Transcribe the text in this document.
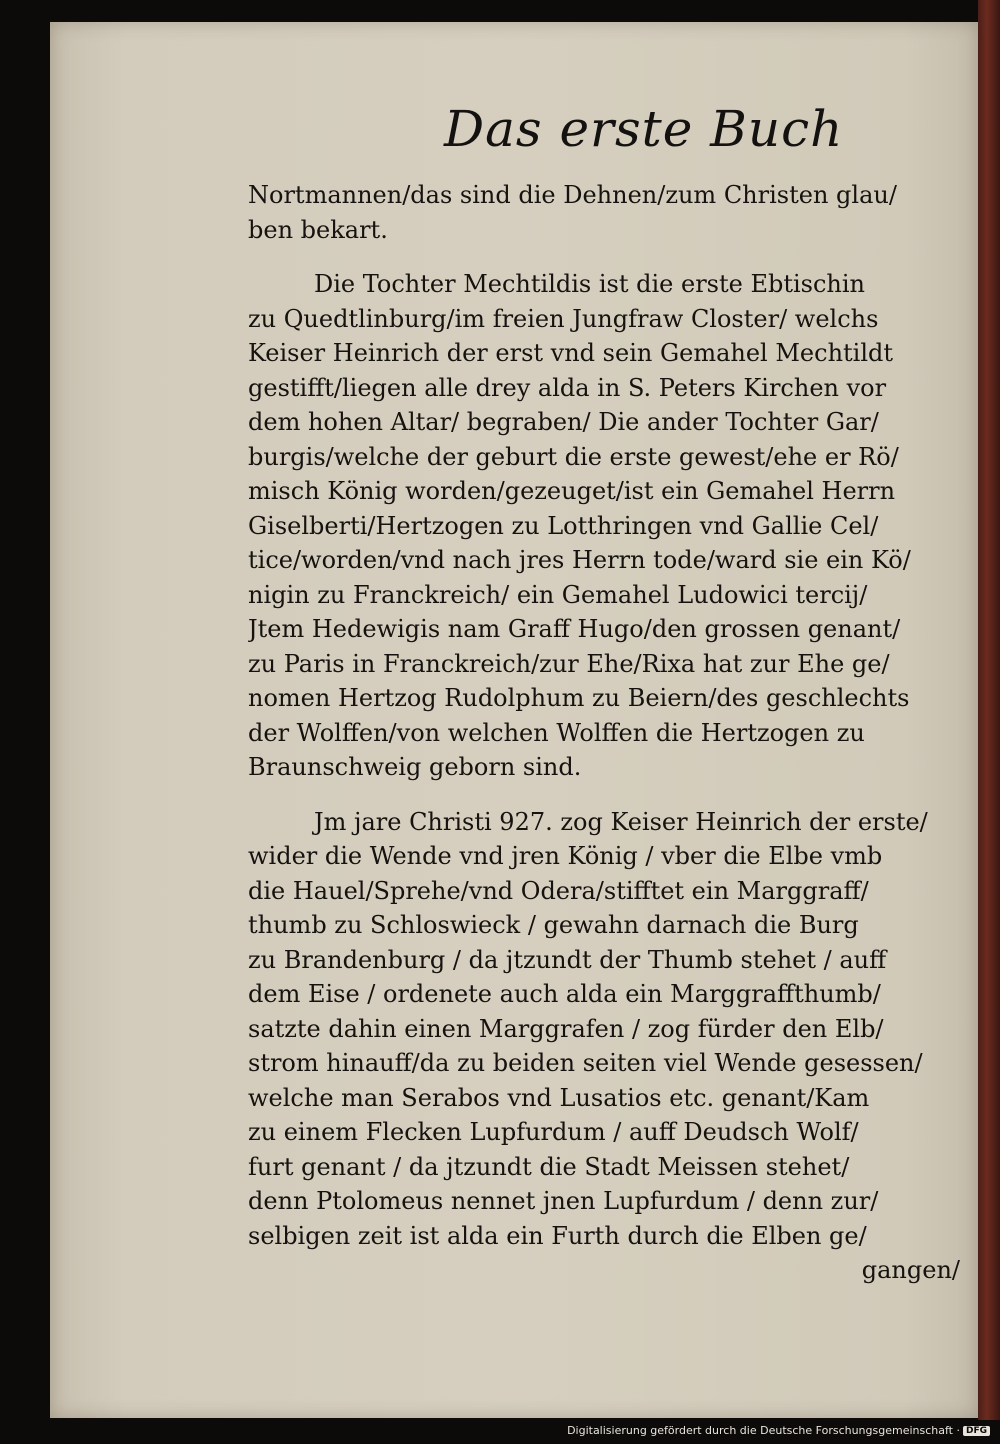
Das erste Buch
Nortmannen/das sind die Dehnen/zum Christen glau/
ben bekart.
Die Tochter Mechtildis ist die erste Ebtischin
zu Quedtlinburg/im freien Jungfraw Closter/ welchs
Keiser Heinrich der erst vnd sein Gemahel Mechtildt
gestifft/liegen alle drey alda in S. Peters Kirchen vor
dem hohen Altar/ begraben/ Die ander Tochter Gar/
burgis/welche der geburt die erste gewest/ehe er Rö/
misch König worden/gezeuget/ist ein Gemahel Herrn
Giselberti/Hertzogen zu Lotthringen vnd Gallie Cel/
tice/worden/vnd nach jres Herrn tode/ward sie ein Kö/
nigin zu Franckreich/ ein Gemahel Ludowici tercij/
Jtem Hedewigis nam Graff Hugo/den grossen genant/
zu Paris in Franckreich/zur Ehe/Rixa hat zur Ehe ge/
nomen Hertzog Rudolphum zu Beiern/des geschlechts
der Wolffen/von welchen Wolffen die Hertzogen zu
Braunschweig geborn sind.
Jm jare Christi 927. zog Keiser Heinrich der erste/
wider die Wende vnd jren König / vber die Elbe vmb
die Hauel/Sprehe/vnd Odera/stifftet ein Marggraff/
thumb zu Schloswieck / gewahn darnach die Burg
zu Brandenburg / da jtzundt der Thumb stehet / auff
dem Eise / ordenete auch alda ein Marggraffthumb/
satzte dahin einen Marggrafen / zog fürder den Elb/
strom hinauff/da zu beiden seiten viel Wende gesessen/
welche man Serabos vnd Lusatios etc. genant/Kam
zu einem Flecken Lupfurdum / auff Deudsch Wolf/
furt genant / da jtzundt die Stadt Meissen stehet/
denn Ptolomeus nennet jnen Lupfurdum / denn zur/
selbigen zeit ist alda ein Furth durch die Elben ge/
gangen/
Digitalisierung gefördert durch die Deutsche Forschungsgemeinschaft · DFG
